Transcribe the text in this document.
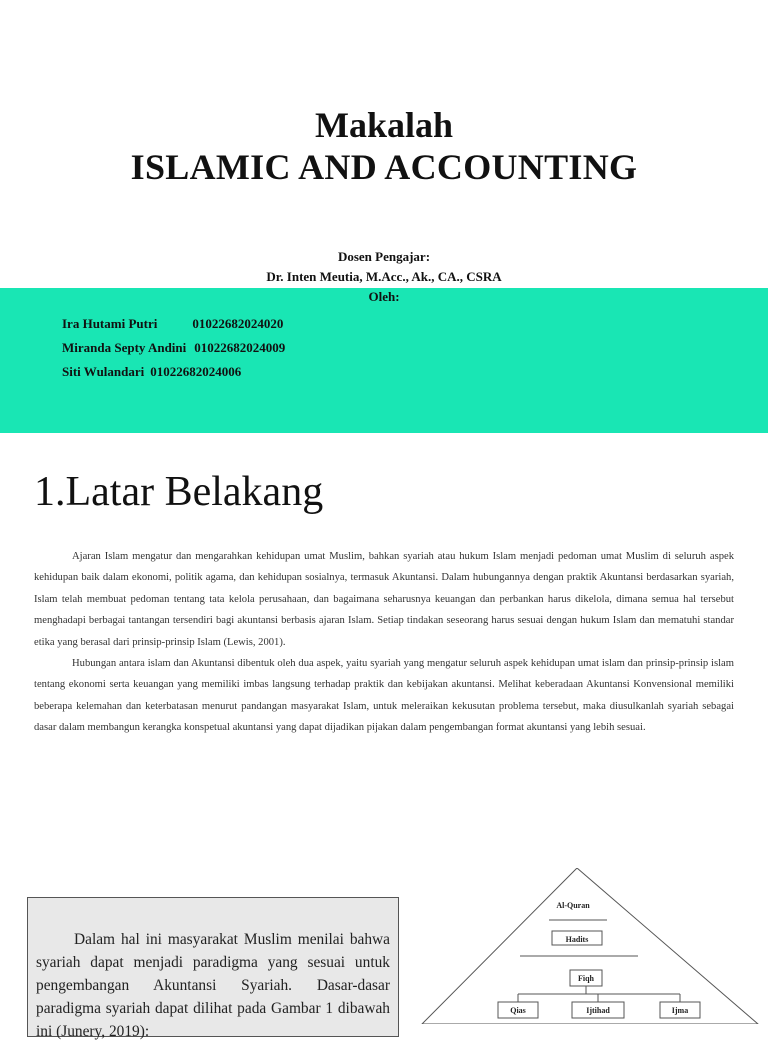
Makalah
ISLAMIC AND ACCOUNTING
Dosen Pengajar:
Dr. Inten Meutia, M.Acc., Ak., CA., CSRA
Oleh:
Ira Hutami Putri	01022682024020
Miranda Septy Andini 01022682024009
Siti Wulandari 01022682024006
1.Latar Belakang

Ajaran Islam mengatur dan mengarahkan kehidupan umat Muslim, bahkan syariah atau hukum Islam menjadi pedoman umat Muslim di seluruh aspek kehidupan baik dalam ekonomi, politik agama, dan kehidupan sosialnya, termasuk Akuntansi. Dalam hubungannya dengan praktik Akuntansi berdasarkan syariah, Islam telah membuat pedoman tentang tata kelola perusahaan, dan bagaimana seharusnya keuangan dan perbankan harus dikelola, dimana semua hal tersebut menghadapi berbagai tantangan tersendiri bagi akuntansi berbasis ajaran Islam. Setiap tindakan seseorang harus sesuai dengan hukum Islam dan mematuhi standar etika yang berasal dari prinsip-prinsip Islam (Lewis, 2001).

Hubungan antara islam dan Akuntansi dibentuk oleh dua aspek, yaitu syariah yang mengatur seluruh aspek kehidupan umat islam dan prinsip-prinsip islam tentang ekonomi serta keuangan yang memiliki imbas langsung terhadap praktik dan kebijakan akuntansi. Melihat keberadaan Akuntansi Konvensional memiliki beberapa kelemahan dan keterbatasan menurut pandangan masyarakat Islam, untuk meleraikan kekusutan problema tersebut, maka diusulkanlah syariah sebagai dasar dalam membangun kerangka konspetual akuntansi yang dapat dijadikan pijakan dalam pengembangan format akuntansi yang lebih sesuai.

Dalam hal ini masyarakat Muslim menilai bahwa syariah dapat menjadi paradigma yang sesuai untuk pengembangan Akuntansi Syariah. Dasar-dasar paradigma syariah dapat dilihat pada Gambar 1 dibawah ini (Junery, 2019):

Al-Quran
Hadits
Fiqh
Qias	Ijtihad	Ijma
